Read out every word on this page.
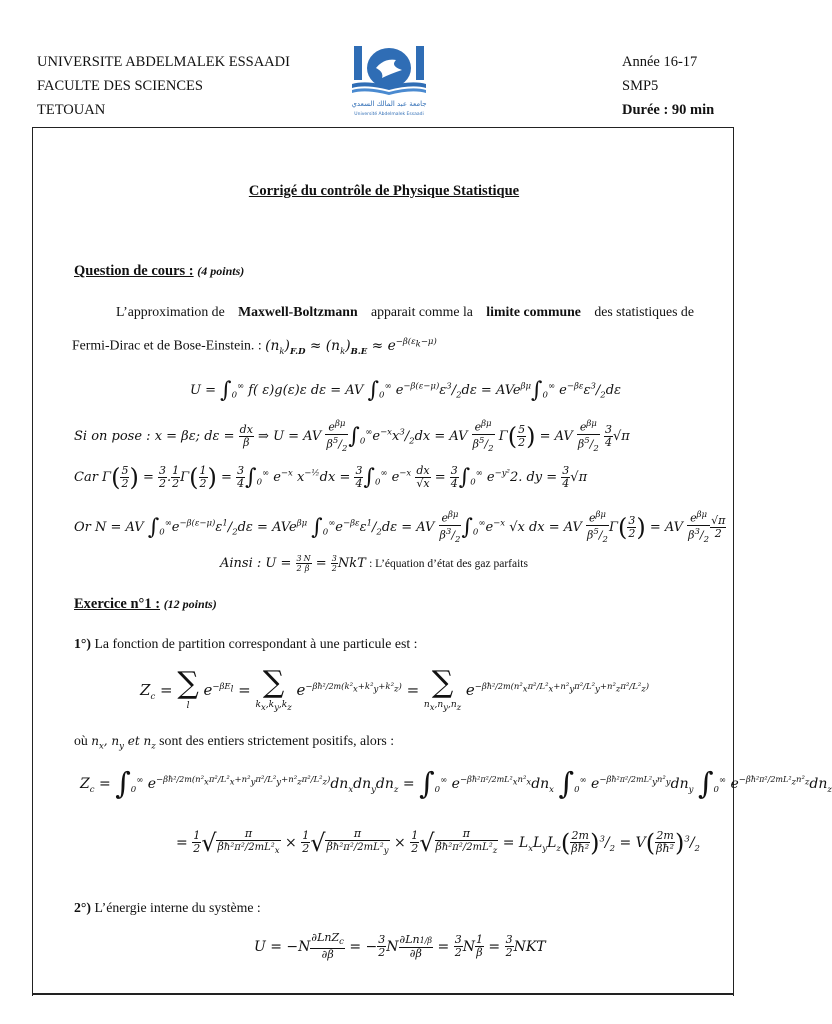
UNIVERSITE ABDELMALEK ESSAADI
FACULTE DES SCIENCES
TETOUAN	جامعة عبد المالك السعدي
Université Abdelmalek Essaadi
Année 16-17
SMP5
Durée : 90 min
Corrigé du contrôle de Physique Statistique
Question de cours : (4 points)
L’approximation de Maxwell-Boltzmann apparait comme la limite commune des statistiques de
Fermi-Dirac et de Bose-Einstein. : $(n_k)_{F.D} \approx (n_k)_{B.E} \approx e^{-\beta(\varepsilon_k-\mu)}$
$U = \int_0^\infty$ f( ε)g(ε)ε dε = AV $\int_0^\infty$ $e^{-\beta(\varepsilon-\mu)}\varepsilon^3/_2d\varepsilon = AVe^{\beta\mu}\int_0^\infty$ $e^{-\beta\varepsilon}\varepsilon^3/_2d\varepsilon$
Si on pose : x = βε; $d\varepsilon = \frac{dx}{\beta}$ ⇒ U = AV $\frac{e^{\beta\mu}}{\beta^5/_2} \int_0^\infty e^{-x}x^3/_2dx$ = AV $\frac{e^{\beta\mu}}{\beta^5/_2} \Gamma( \frac{5}{2}$ ) = AV $\frac{e^{\beta\mu}}{\beta^5/_2}$
$\frac{3}{4} √\pi$
Car $\Gamma( \frac{5}{2}$ ) = $\frac{3}{2}$ . $\frac{1}{2} \Gamma( \frac{1}{2}$ ) = $\frac{3}{4} \int_0^\infty$ $e^{-x}$ $x^{-\frac{1}{2}}dx = \frac{3}{4} \int_0^\infty$ $e^{-x} \frac{dx}{√x} = \frac{3}{4} \int_0^\infty$ $e^{-y^2}2$. dy = $\frac{3}{4} √\pi$
Or N = AV $\int_0^\infty e^{-\beta(\varepsilon-\mu)}\varepsilon^1/_2d\varepsilon = AVe^{\beta\mu}$ $\int_0^\infty e^{-\beta\varepsilon}\varepsilon^1/_2d\varepsilon$ = AV $\frac{e^{\beta\mu}}{\beta^3/_2} \int_0^\infty e^{-x}$ √x dx = AV $\frac{e^{\beta\mu}}{\beta^5/_2} \Gamma( \frac{3}{2}$ ) = AV $\frac{e^{\beta\mu}}{\beta^3/_2} \frac{√\pi}{2}$
Ainsi : $U = \frac{3}{2} \frac{N}{\beta} = \frac{3}{2}$ NkT : L’équation d’état des gaz parfaits
Exercice n°1 : (12 points)
1°) La fonction de partition correspondant à une particule est :
$Z_c$ = ∑
l
$e^{-\beta E_l}$ = ∑
$k_x,k_y,k_z$
$e^{-\beta ħ^2/2m(k^2_x+k^2_y+k^2_z)}$ = ∑
$n_x,n_y,n_z$
$e^{-\beta ħ^2/2m(n^2_x\pi^2/L^2_x+n^2_y\pi^2/L^2_y+n^2_z\pi^2/L^2_z)}$
où $n_x$, $n_y$ et $n_z$ sont des entiers strictement positifs, alors :
$Z_c = \int_0^\infty$ $e^{-\beta ħ^2/2m(n^2_x\pi^2/L^2_x+n^2_y\pi^2/L^2_y+n^2_z\pi^2/L^2_z)}dn_xdn_ydn_z = \int_0^\infty$ $e^{-\beta ħ^2\pi^2/2mL^2_xn^2_x}dn_x$ $\int_0^\infty$ $e^{-\beta ħ^2\pi^2/2mL^2_yn^2_y}dn_y$ $\int_0^\infty$ $e^{-\beta ħ^2\pi^2/2mL^2_zn^2_z}dn_z$
= $\frac{1}{2}$ √ $\frac{\pi}{\beta ħ^2\pi^2/2mL^2_x} \times \frac{1}{2}$ √ $\frac{\pi}{\beta ħ^2\pi^2/2mL^2_y} \times \frac{1}{2}$ √ $\frac{\pi}{\beta ħ^2\pi^2/2mL^2_z} = L_xL_yL_z( \frac{2m}{\text{βħ²}} )^3/_2 = V( \frac{2m}{\text{βħ²}} )^3/_2$
2°) L’énergie interne du système :
$U = -N \frac{\partial LnZ_c}{\partial\beta}$ = − $\frac{3}{2}$ N $\frac{\partial Ln1/\beta}{\partial\beta} = \frac{3}{2}$ N $\frac{1}{\beta} = \frac{3}{2}$ NKT
